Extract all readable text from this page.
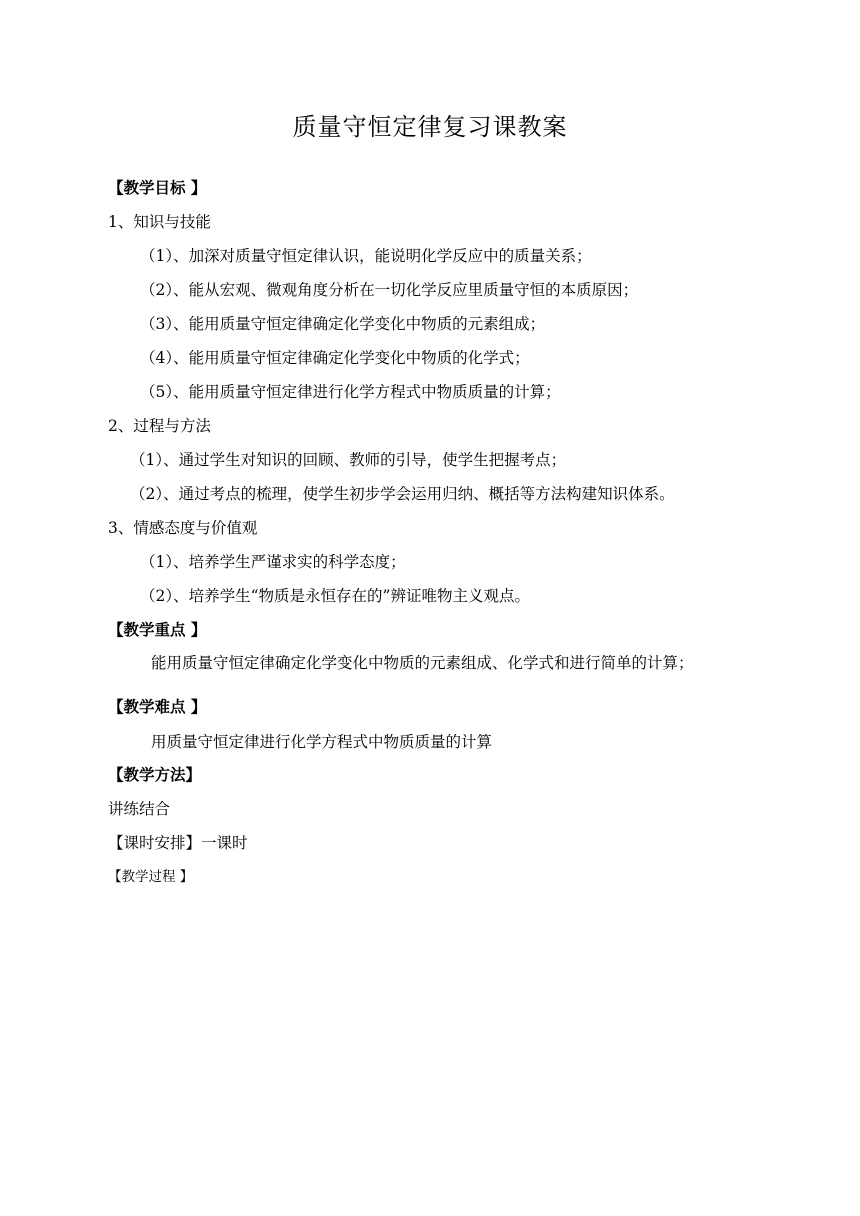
质量守恒定律复习课教案
【教学目标 】
1、知识与技能
（1）、加深对质量守恒定律认识，能说明化学反应中的质量关系；
（2）、能从宏观、微观角度分析在一切化学反应里质量守恒的本质原因；
（3）、能用质量守恒定律确定化学变化中物质的元素组成；
（4）、能用质量守恒定律确定化学变化中物质的化学式；
（5）、能用质量守恒定律进行化学方程式中物质质量的计算；
2、过程与方法
（1）、通过学生对知识的回顾、教师的引导，使学生把握考点；
（2）、通过考点的梳理，使学生初步学会运用归纳、概括等方法构建知识体系。
3、情感态度与价值观
（1）、培养学生严谨求实的科学态度；
（2）、培养学生“物质是永恒存在的”辨证唯物主义观点。
【教学重点 】
能用质量守恒定律确定化学变化中物质的元素组成、化学式和进行简单的计算；
【教学难点 】
用质量守恒定律进行化学方程式中物质质量的计算
【教学方法】
讲练结合
【课时安排】一课时
【教学过程 】
